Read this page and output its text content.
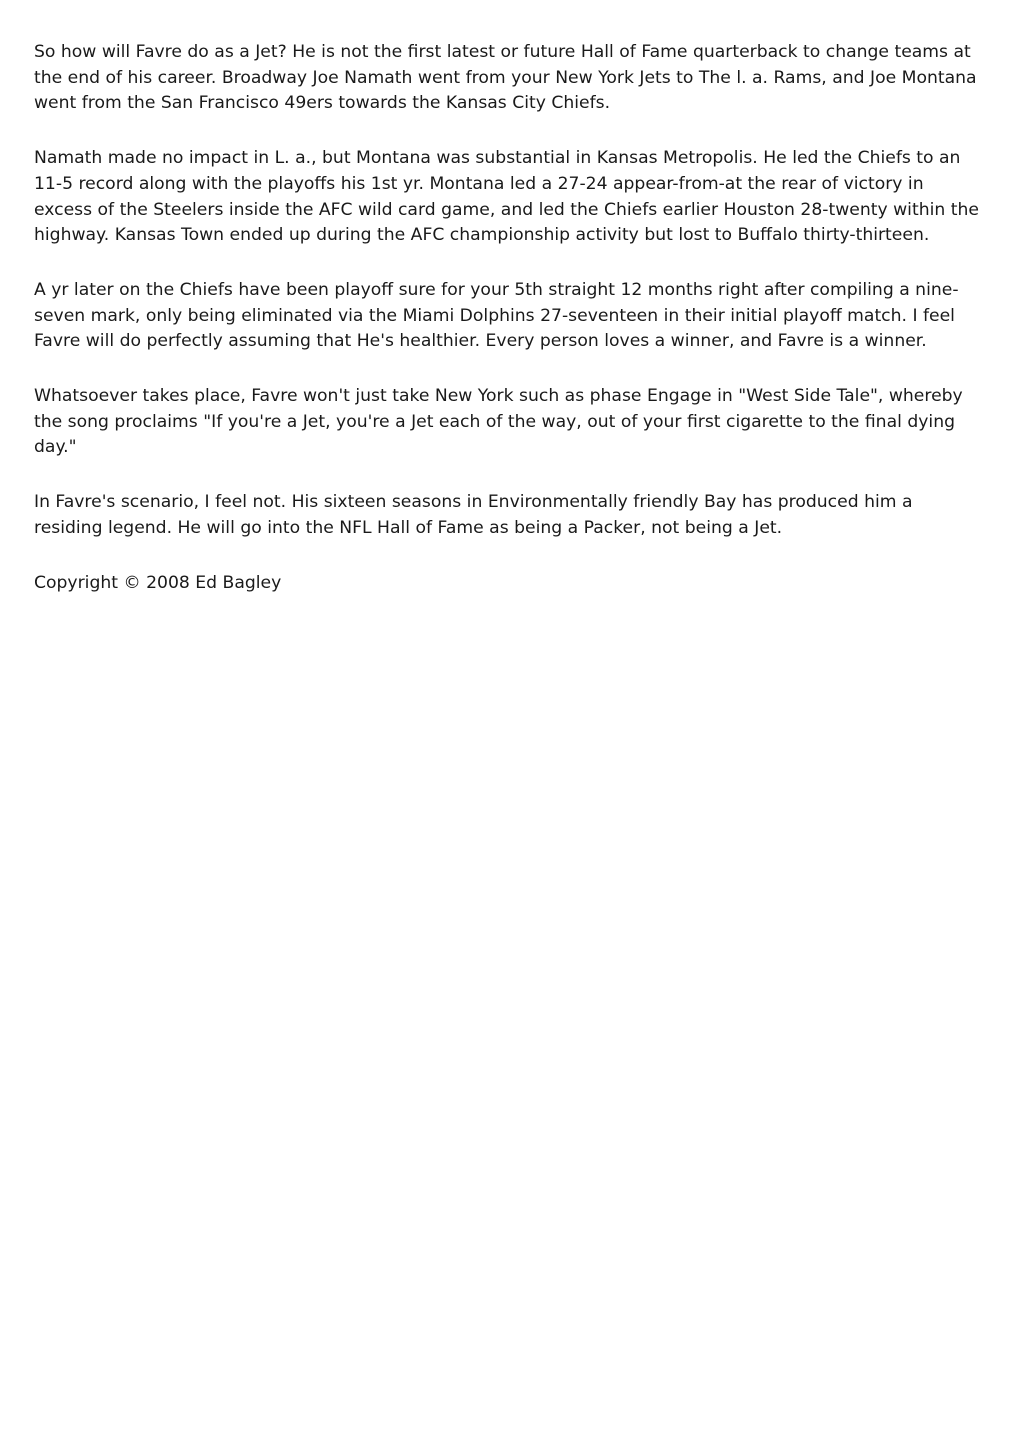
So how will Favre do as a Jet? He is not the first latest or future Hall of Fame quarterback to change teams at the end of his career. Broadway Joe Namath went from your New York Jets to The l. a. Rams, and Joe Montana went from the San Francisco 49ers towards the Kansas City Chiefs.

Namath made no impact in L. a., but Montana was substantial in Kansas Metropolis. He led the Chiefs to an 11-5 record along with the playoffs his 1st yr. Montana led a 27-24 appear-from-at the rear of victory in excess of the Steelers inside the AFC wild card game, and led the Chiefs earlier Houston 28-twenty within the highway. Kansas Town ended up during the AFC championship activity but lost to Buffalo thirty-thirteen.

A yr later on the Chiefs have been playoff sure for your 5th straight 12 months right after compiling a nine-seven mark, only being eliminated via the Miami Dolphins 27-seventeen in their initial playoff match. I feel Favre will do perfectly assuming that He's healthier. Every person loves a winner, and Favre is a winner.

Whatsoever takes place, Favre won't just take New York such as phase Engage in "West Side Tale", whereby the song proclaims "If you're a Jet, you're a Jet each of the way, out of your first cigarette to the final dying day."

In Favre's scenario, I feel not. His sixteen seasons in Environmentally friendly Bay has produced him a residing legend. He will go into the NFL Hall of Fame as being a Packer, not being a Jet.

Copyright © 2008 Ed Bagley
